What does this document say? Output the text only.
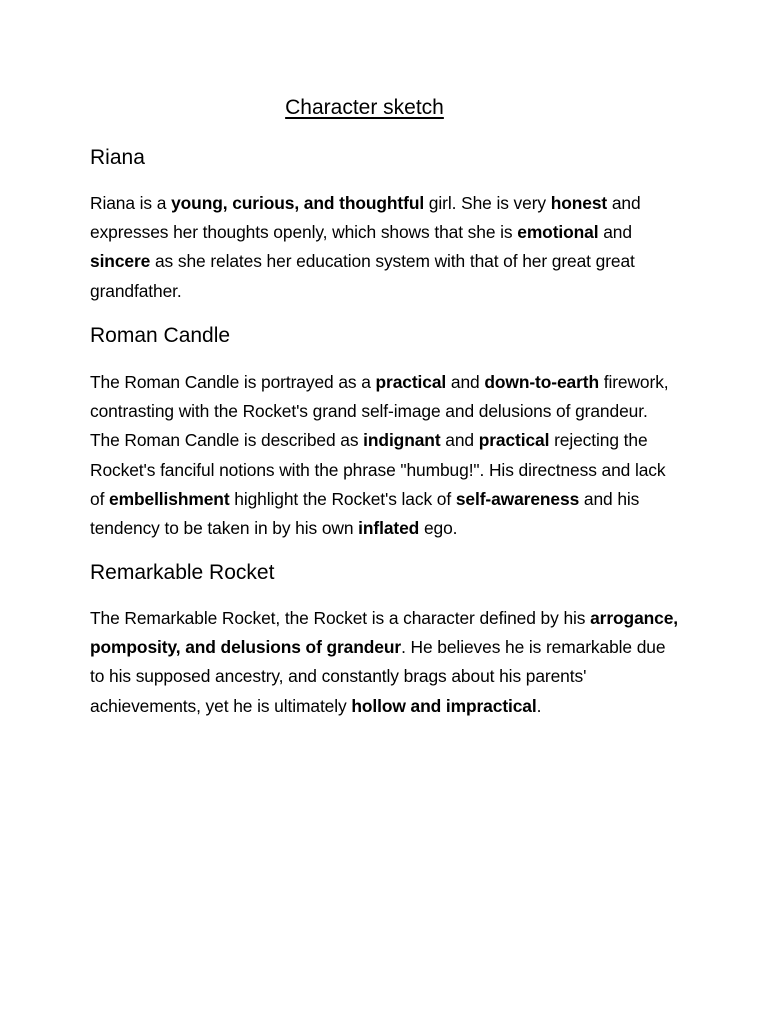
Character sketch
Riana

Riana is a young, curious, and thoughtful girl. She is very honest and expresses her thoughts openly, which shows that she is emotional and sincere as she relates her education system with that of her great great grandfather.

Roman Candle

The Roman Candle is portrayed as a practical and down-to-earth firework, contrasting with the Rocket's grand self-image and delusions of grandeur. The Roman Candle is described as indignant and practical rejecting the Rocket's fanciful notions with the phrase "humbug!". His directness and lack of embellishment highlight the Rocket's lack of self-awareness and his tendency to be taken in by his own inflated ego.

Remarkable Rocket

The Remarkable Rocket, the Rocket is a character defined by his arrogance, pomposity, and delusions of grandeur. He believes he is remarkable due to his supposed ancestry, and constantly brags about his parents' achievements, yet he is ultimately hollow and impractical.
